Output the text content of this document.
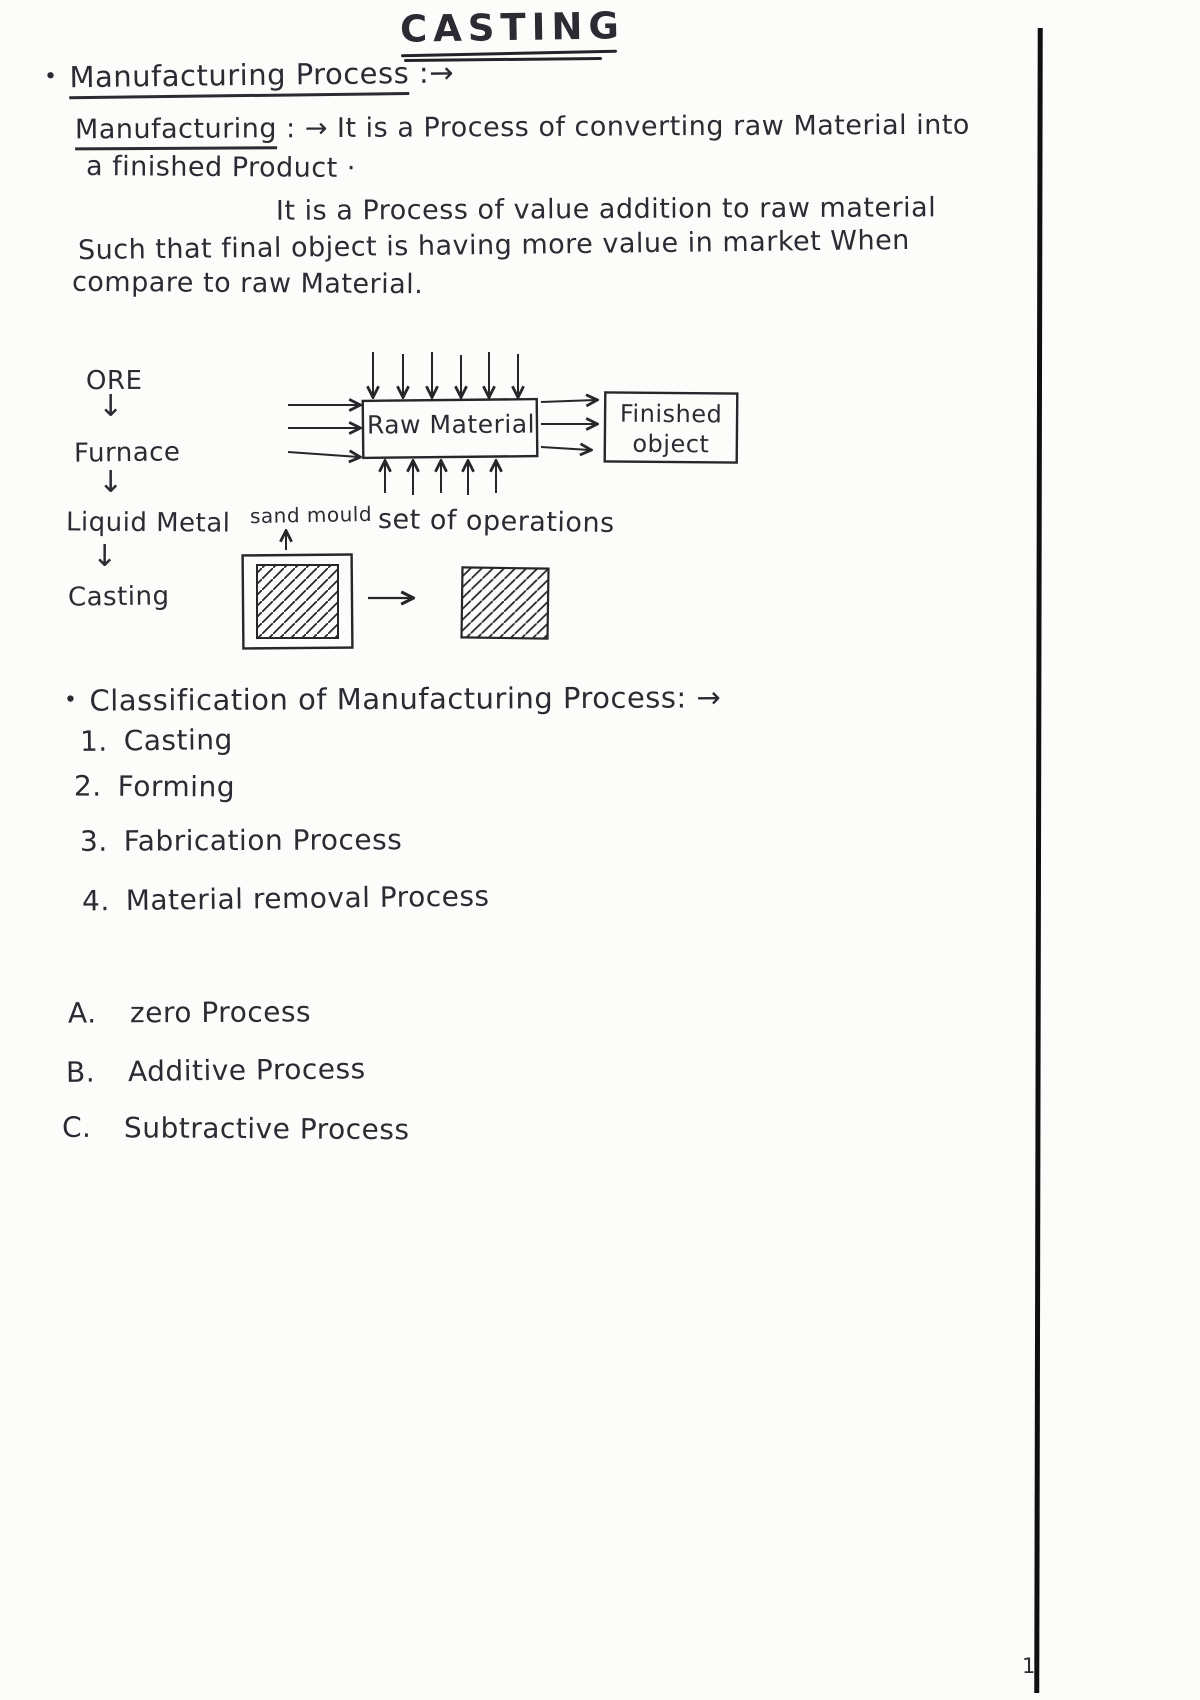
CASTING
• Manufacturing Process :→
Manufacturing : → It is a Process of converting raw Material into
a finished Product ·
It is a Process of value addition to raw material
Such that final object is having more value in market When
compare to raw Material.
ORE
↓
Furnace
↓
Liquid Metal
↓
Casting
Raw Material	Finished
object
sand mould set of operations
• Classification of Manufacturing Process: →
1. Casting
2. Forming
3. Fabrication Process
4. Material removal Process
A. zero Process
B. Additive Process
C. Subtractive Process
1
